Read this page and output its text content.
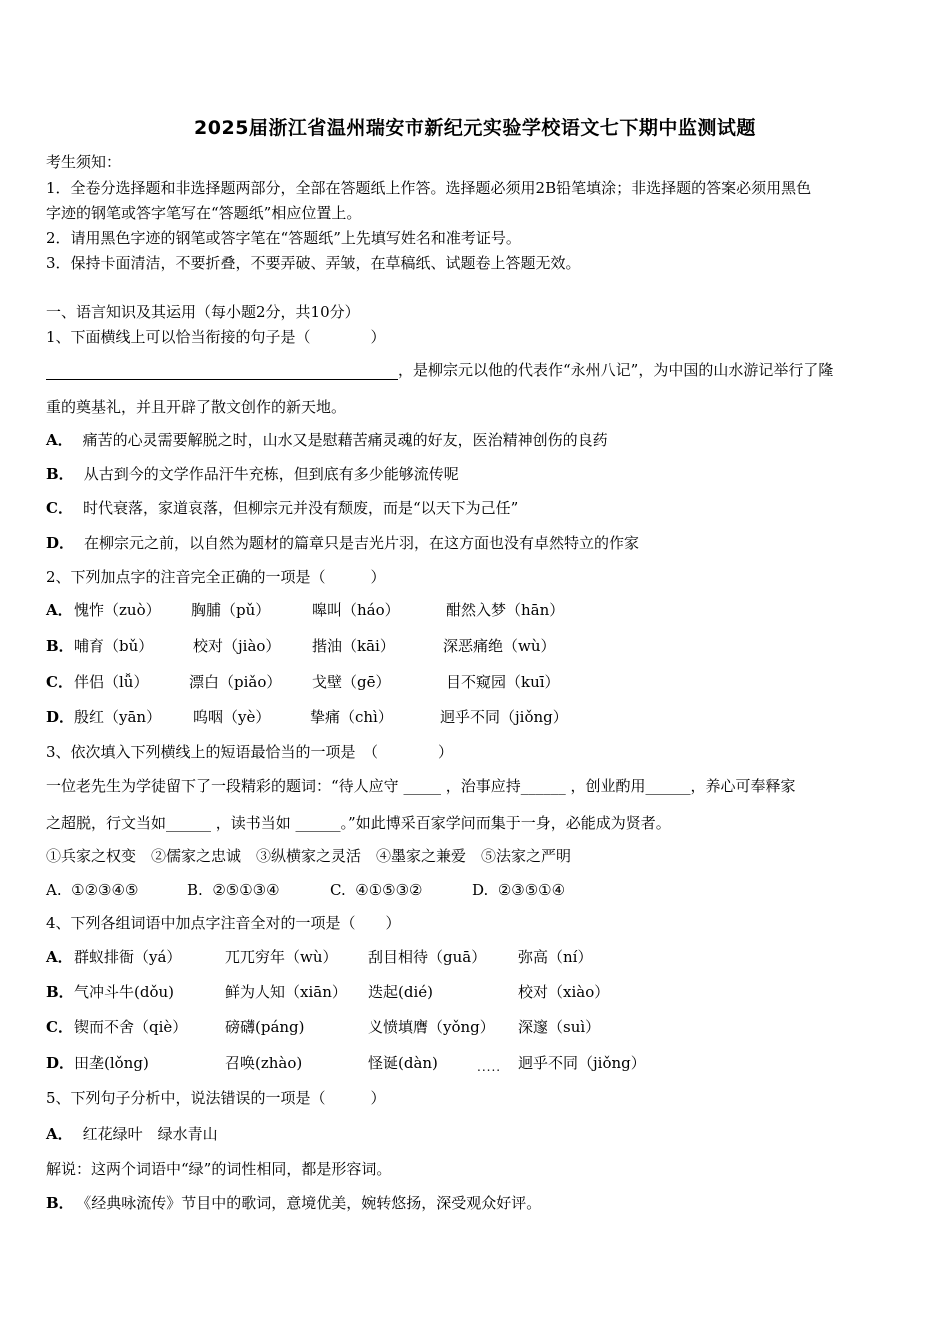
2025届浙江省温州瑞安市新纪元实验学校语文七下期中监测试题
考生须知：
1．全卷分选择题和非选择题两部分，全部在答题纸上作答。选择题必须用2B铅笔填涂；非选择题的答案必须用黑色
字迹的钢笔或答字笔写在“答题纸”相应位置上。
2．请用黑色字迹的钢笔或答字笔在“答题纸”上先填写姓名和准考证号。
3．保持卡面清洁，不要折叠，不要弄破、弄皱，在草稿纸、试题卷上答题无效。
一、语言知识及其运用（每小题2分，共10分）
1、下面横线上可以恰当衔接的句子是（　　　　）
，是柳宗元以他的代表作“永州八记”，为中国的山水游记举行了隆
重的奠基礼，并且开辟了散文创作的新天地。
A． 痛苦的心灵需要解脱之时，山水又是慰藉苦痛灵魂的好友，医治精神创伤的良药
B． 从古到今的文学作品汗牛充栋，但到底有多少能够流传呢
C． 时代衰落，家道哀落，但柳宗元并没有颓废，而是“以天下为己任”
D． 在柳宗元之前，以自然为题材的篇章只是吉光片羽，在这方面也没有卓然特立的作家
2、下列加点字的注音完全正确的一项是（　　　）
A． 愧怍（zuò） 胸脯（pǔ）	嗥叫（háo）	酣然入梦（hān）
B． 哺育（bǔ）	校对（jiào） 揩油（kāi）	深恶痛绝（wù）
C． 伴侣（lǚ）	漂白（piǎo） 戈壁（gē）	目不窥园（kuī）
D． 殷红（yān） 呜咽（yè）	挚痛（chì）	迥乎不同（jiǒng）
3、依次填入下列横线上的短语最恰当的一项是　（　　　　）
一位老先生为学徒留下了一段精彩的题词：“待人应守 _____ ，治事应持______ ，创业酌用______，养心可奉释家
之超脱，行文当如______ ，读书当如 ______。”如此博采百家学问而集于一身，必能成为贤者。
①兵家之权变　②儒家之忠诚　③纵横家之灵活　④墨家之兼爱　⑤法家之严明
A. ①②③④⑤	B. ②⑤①③④	C. ④①⑤③②	D. ②③⑤①④
4、下列各组词语中加点字注音全对的一项是（　　）
A． 群蚁排衙（yá）	兀兀穷年（wù） 刮目相待（guā） 弥高（ní）
B． 气冲斗牛(dǒu)	鲜为人知（xiān） 迭起(dié)	校对（xiào）
C． 锲而不舍（qiè）	磅礴(páng)	义愤填膺（yǒng） 深邃（suì）
D． 田垄(lǒng)	召唤(zhào)	怪诞(dàn)	..... 迥乎不同（jiǒng）
5、下列句子分析中，说法错误的一项是（　　　）
A． 红花绿叶　绿水青山
解说：这两个词语中“绿”的词性相同，都是形容词。
B． 《经典咏流传》节目中的歌词，意境优美，婉转悠扬，深受观众好评。
